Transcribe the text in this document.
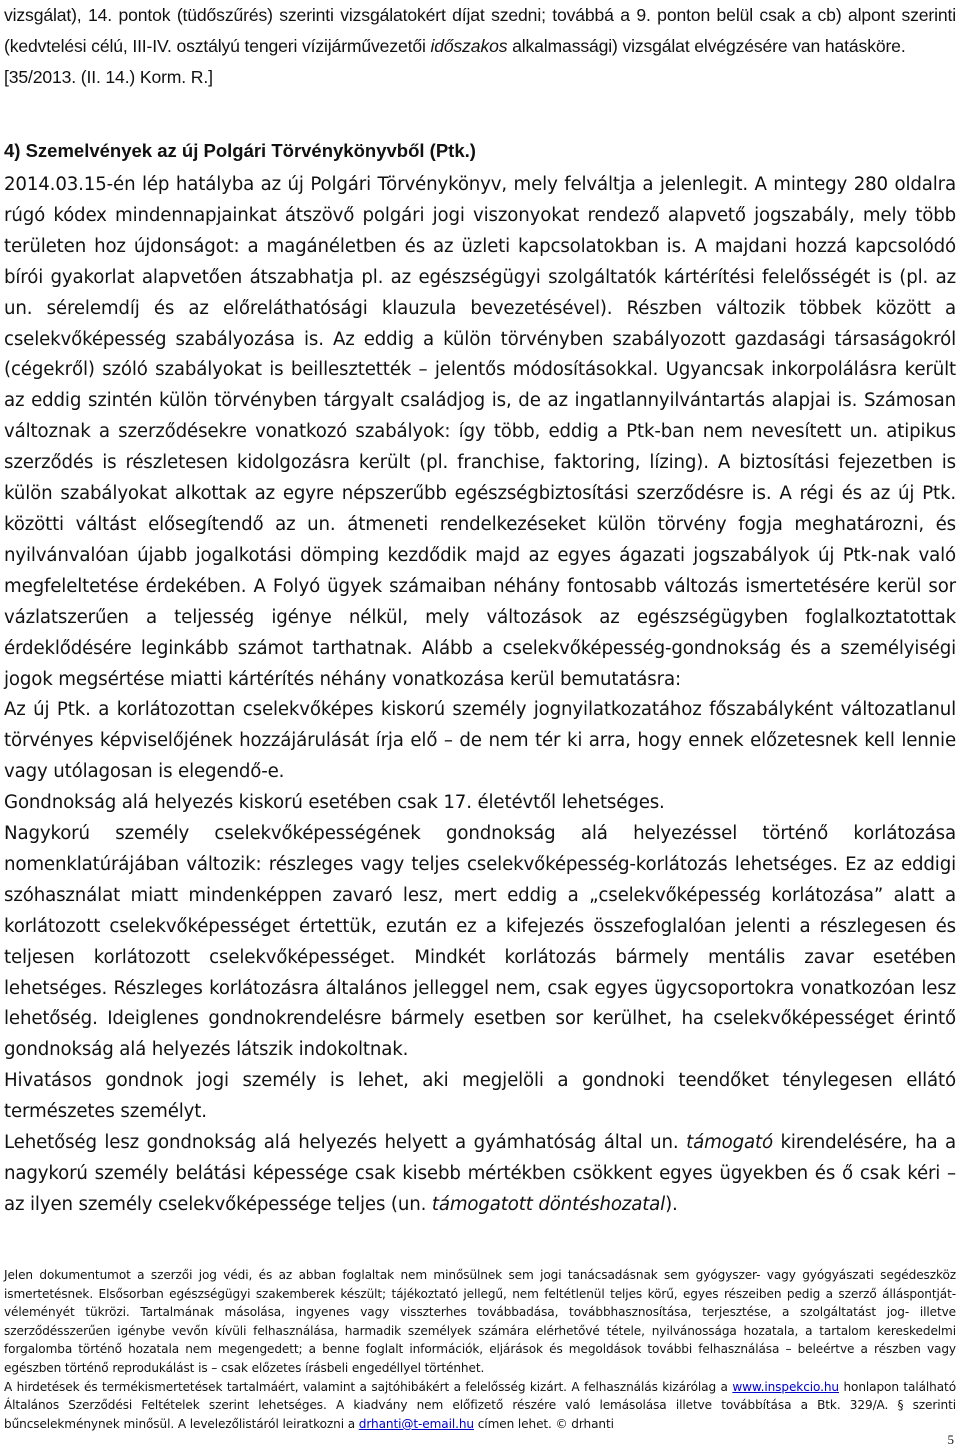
vizsgálat), 14. pontok (tüdőszűrés) szerinti vizsgálatokért díjat szedni; továbbá a 9. ponton belül csak a cb) alpont szerinti (kedvtelési célú, III-IV. osztályú tengeri vízijárművezetői időszakos alkalmassági) vizsgálat elvégzésére van hatásköre.
[35/2013. (II. 14.) Korm. R.]
4) Szemelvények az új Polgári Törvénykönyvből (Ptk.)

2014.03.15-én lép hatályba az új Polgári Törvénykönyv, mely felváltja a jelenlegit. A mintegy 280 oldalra rúgó kódex mindennapjainkat átszövő polgári jogi viszonyokat rendező alapvető jogszabály, mely több területen hoz újdonságot: a magánéletben és az üzleti kapcsolatokban is. A majdani hozzá kapcsolódó bírói gyakorlat alapvetően átszabhatja pl. az egészségügyi szolgáltatók kártérítési felelősségét is (pl. az un. sérelemdíj és az előreláthatósági klauzula bevezetésével). Részben változik többek között a cselekvőképesség szabályozása is. Az eddig a külön törvényben szabályozott gazdasági társaságokról (cégekről) szóló szabályokat is beillesztették – jelentős módosításokkal. Ugyancsak inkorpolálásra került az eddig szintén külön törvényben tárgyalt családjog is, de az ingatlannyilvántartás alapjai is. Számosan változnak a szerződésekre vonatkozó szabályok: így több, eddig a Ptk-ban nem nevesített un. atipikus szerződés is részletesen kidolgozásra került (pl. franchise, faktoring, lízing). A biztosítási fejezetben is külön szabályokat alkottak az egyre népszerűbb egészségbiztosítási szerződésre is. A régi és az új Ptk. közötti váltást elősegítendő az un. átmeneti rendelkezéseket külön törvény fogja meghatározni, és nyilvánvalóan újabb jogalkotási dömping kezdődik majd az egyes ágazati jogszabályok új Ptk-nak való megfeleltetése érdekében. A Folyó ügyek számaiban néhány fontosabb változás ismertetésére kerül sor vázlatszerűen a teljesség igénye nélkül, mely változások az egészségügyben foglalkoztatottak érdeklődésére leginkább számot tarthatnak. Alább a cselekvőképesség-gondnokság és a személyiségi jogok megsértése miatti kártérítés néhány vonatkozása kerül bemutatásra:

Az új Ptk. a korlátozottan cselekvőképes kiskorú személy jognyilatkozatához főszabályként változatlanul törvényes képviselőjének hozzájárulását írja elő – de nem tér ki arra, hogy ennek előzetesnek kell lennie vagy utólagosan is elegendő-e.

Gondnokság alá helyezés kiskorú esetében csak 17. életévtől lehetséges.

Nagykorú személy cselekvőképességének gondnokság alá helyezéssel történő korlátozása nomenklatúrájában változik: részleges vagy teljes cselekvőképesség-korlátozás lehetséges. Ez az eddigi szóhasználat miatt mindenképpen zavaró lesz, mert eddig a „cselekvőképesség korlátozása” alatt a korlátozott cselekvőképességet értettük, ezután ez a kifejezés összefoglalóan jelenti a részlegesen és teljesen korlátozott cselekvőképességet. Mindkét korlátozás bármely mentális zavar esetében lehetséges. Részleges korlátozásra általános jelleggel nem, csak egyes ügycsoportokra vonatkozóan lesz lehetőség. Ideiglenes gondnokrendelésre bármely esetben sor kerülhet, ha cselekvőképességet érintő gondnokság alá helyezés látszik indokoltnak.

Hivatásos gondnok jogi személy is lehet, aki megjelöli a gondnoki teendőket ténylegesen ellátó természetes személyt.

Lehetőség lesz gondnokság alá helyezés helyett a gyámhatóság által un. támogató kirendelésére, ha a nagykorú személy belátási képessége csak kisebb mértékben csökkent egyes ügyekben és ő csak kéri – az ilyen személy cselekvőképessége teljes (un. támogatott döntéshozatal).

Jelen dokumentumot a szerzői jog védi, és az abban foglaltak nem minősülnek sem jogi tanácsadásnak sem gyógyszer- vagy gyógyászati segédeszköz ismertetésnek. Elsősorban egészségügyi szakemberek készült; tájékoztató jellegű, nem feltétlenül teljes körű, egyes részeiben pedig a szerző álláspontját-véleményét tükrözi. Tartalmának másolása, ingyenes vagy visszterhes továbbadása, továbbhasznosítása, terjesztése, a szolgáltatást jog- illetve szerződésszerűen igénybe vevőn kívüli felhasználása, harmadik személyek számára elérhetővé tétele, nyilvánossága hozatala, a tartalom kereskedelmi forgalomba történő hozatala nem megengedett; a benne foglalt információk, eljárások és megoldások további felhasználása – beleértve a részben vagy egészben történő reprodukálást is – csak előzetes írásbeli engedéllyel történhet.

A hirdetések és termékismertetések tartalmáért, valamint a sajtóhibákért a felelősség kizárt. A felhasználás kizárólag a www.inspekcio.hu honlapon található Általános Szerződési Feltételek szerint lehetséges. A kiadvány nem előfizető részére való lemásolása illetve továbbítása a Btk. 329/A. § szerinti bűncselekménynek minősül. A levelezőlistáról leiratkozni a drhanti@t-email.hu címen lehet. © drhanti

5
